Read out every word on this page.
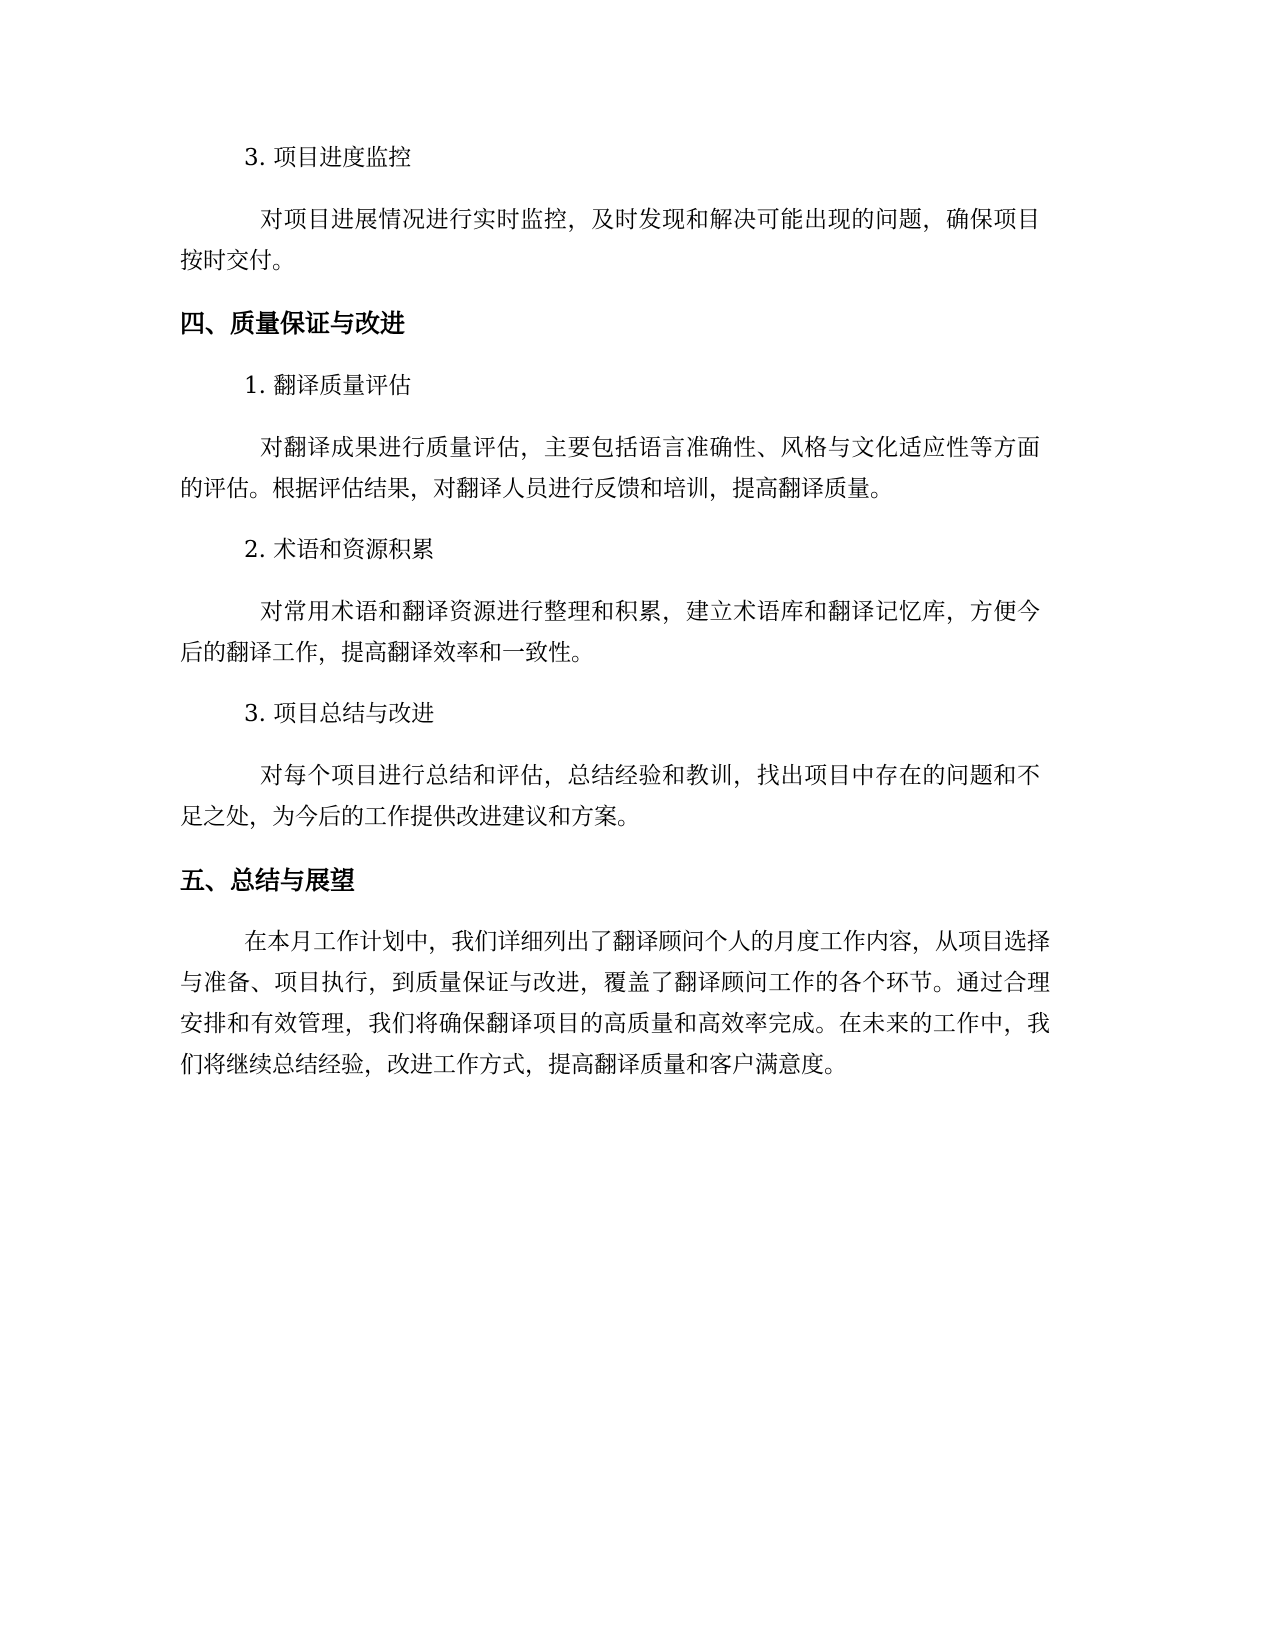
3. 项目进度监控
对项目进展情况进行实时监控，及时发现和解决可能出现的问题，确保项目按时交付。
四、质量保证与改进
1. 翻译质量评估
对翻译成果进行质量评估，主要包括语言准确性、风格与文化适应性等方面的评估。根据评估结果，对翻译人员进行反馈和培训，提高翻译质量。
2. 术语和资源积累
对常用术语和翻译资源进行整理和积累，建立术语库和翻译记忆库，方便今后的翻译工作，提高翻译效率和一致性。
3. 项目总结与改进
对每个项目进行总结和评估，总结经验和教训，找出项目中存在的问题和不足之处，为今后的工作提供改进建议和方案。
五、总结与展望
在本月工作计划中，我们详细列出了翻译顾问个人的月度工作内容，从项目选择与准备、项目执行，到质量保证与改进，覆盖了翻译顾问工作的各个环节。通过合理安排和有效管理，我们将确保翻译项目的高质量和高效率完成。在未来的工作中，我们将继续总结经验，改进工作方式，提高翻译质量和客户满意度。
